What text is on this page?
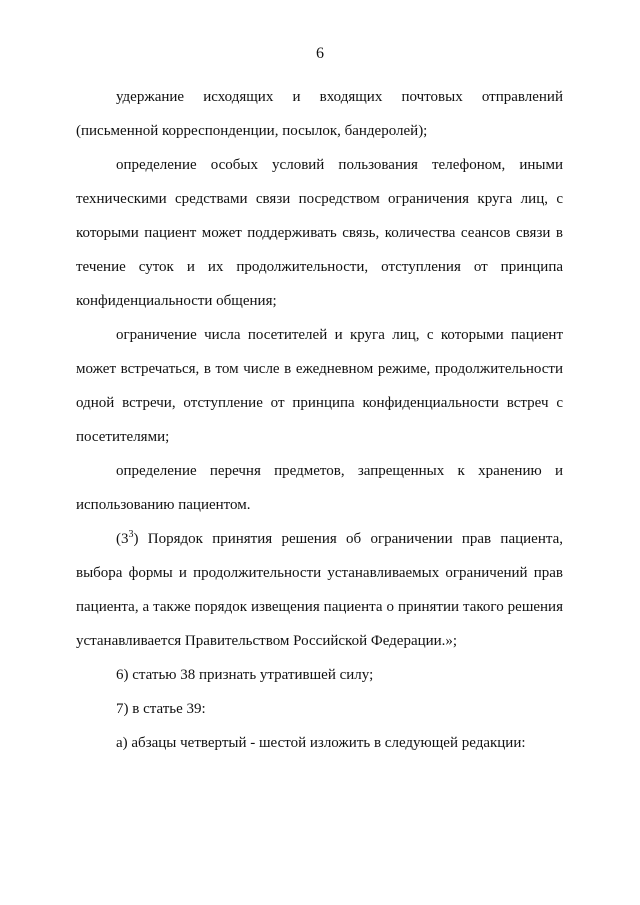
6

удержание исходящих и входящих почтовых отправлений (письменной корреспонденции, посылок, бандеролей);

определение особых условий пользования телефоном, иными техническими средствами связи посредством ограничения круга лиц, с которыми пациент может поддерживать связь, количества сеансов связи в течение суток и их продолжительности, отступления от принципа конфиденциальности общения;

ограничение числа посетителей и круга лиц, с которыми пациент может встречаться, в том числе в ежедневном режиме, продолжительности одной встречи, отступление от принципа конфиденциальности встреч с посетителями;

определение перечня предметов, запрещенных к хранению и использованию пациентом.

$(3^3)$ Порядок принятия решения об ограничении прав пациента, выбора формы и продолжительности устанавливаемых ограничений прав пациента, а также порядок извещения пациента о принятии такого решения устанавливается Правительством Российской Федерации.»;

6) статью 38 признать утратившей силу;

7) в статье 39:

а) абзацы четвертый - шестой изложить в следующей редакции:
